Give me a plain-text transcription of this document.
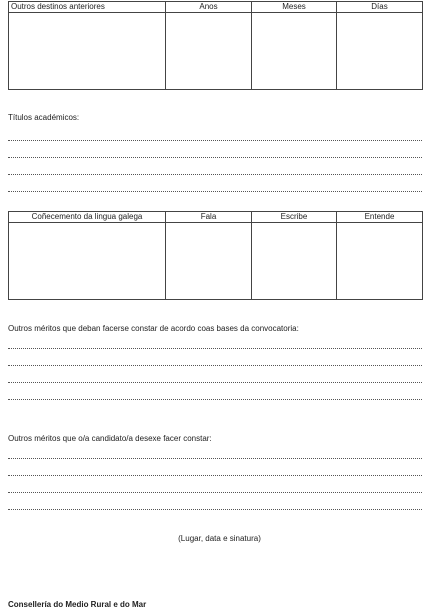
Outros destinos anteriores	Anos	Meses	Días

Títulos académicos:
Coñecemento da lingua galega	Fala	Escribe	Entende

Outros méritos que deban facerse constar de acordo coas bases da convocatoria:
Outros méritos que o/a candidato/a desexe facer constar:
(Lugar, data e sinatura)
Consellería do Medio Rural e do Mar
